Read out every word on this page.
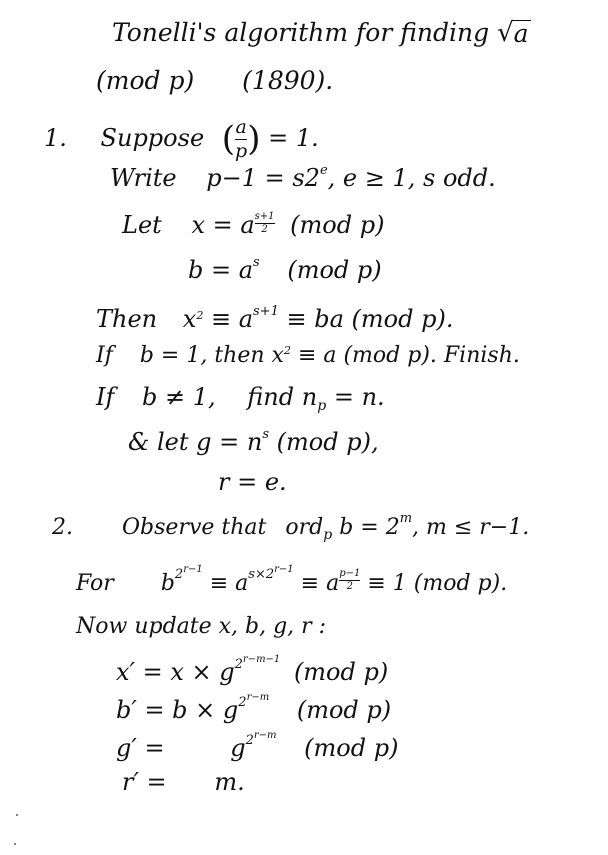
Tonelli's algorithm for finding √ a
(mod p) (1890).
1. Suppose ( $\frac{a}{p}$ ) = 1.
Write $p-1 = s2^e$, e ≥ 1, s odd.
Let x = a $\frac{s+1}{2} (mod$ p)
$b = a^s$ (mod p)
Then $x^2 \equiv a^{s+1}$ ≡ ba (mod p).
If b = 1, then $x^2 \equiv a$ (mod p). Finish.
If b ≠ 1, find $n_p = n$.
& let $g = n^s$ (mod p),
r = e.
2. Observe that ord$_p$ $b = 2^m$, m ≤ r−1.
For $b^{2^{r-1}} \equiv a^{s\times 2^{r-1}} \equiv a \frac{p-1}{2} \equiv 1$ (mod p).
Now update x, b, g, r :
$x' = x \times g^{2^{r-m-1}}$ (mod p)
$b' = b \times g^{2^{r-m}}$ (mod p)
g′ =	$g^{2^{r-m}}$ (mod p)
r′ = m.
